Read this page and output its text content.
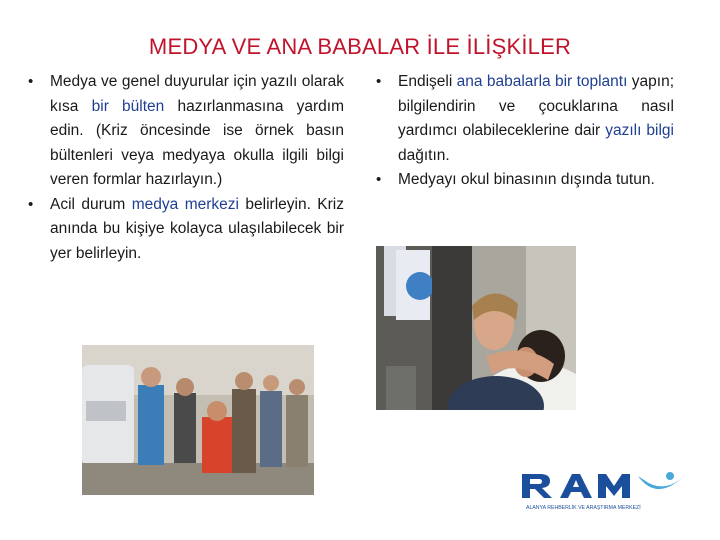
MEDYA VE ANA BABALAR İLE İLİŞKİLER
• Medya ve genel duyurular için yazılı olarak kısa bir bülten hazırlanmasına yardım edin. (Kriz öncesinde ise örnek basın bültenleri veya medyaya okulla ilgili bilgi veren formlar hazırlayın.)
• Acil durum medya merkezi belirleyin. Kriz anında bu kişiye kolayca ulaşılabilecek bir yer belirleyin.
• Endişeli ana babalarla bir toplantı yapın; bilgilendirin ve çocuklarına nasıl yardımcı olabileceklerine dair yazılı bilgi dağıtın.
• Medyayı okul binasının dışında tutun.
ALANYA REHBERLİK VE ARAŞTIRMA MERKEZİ
